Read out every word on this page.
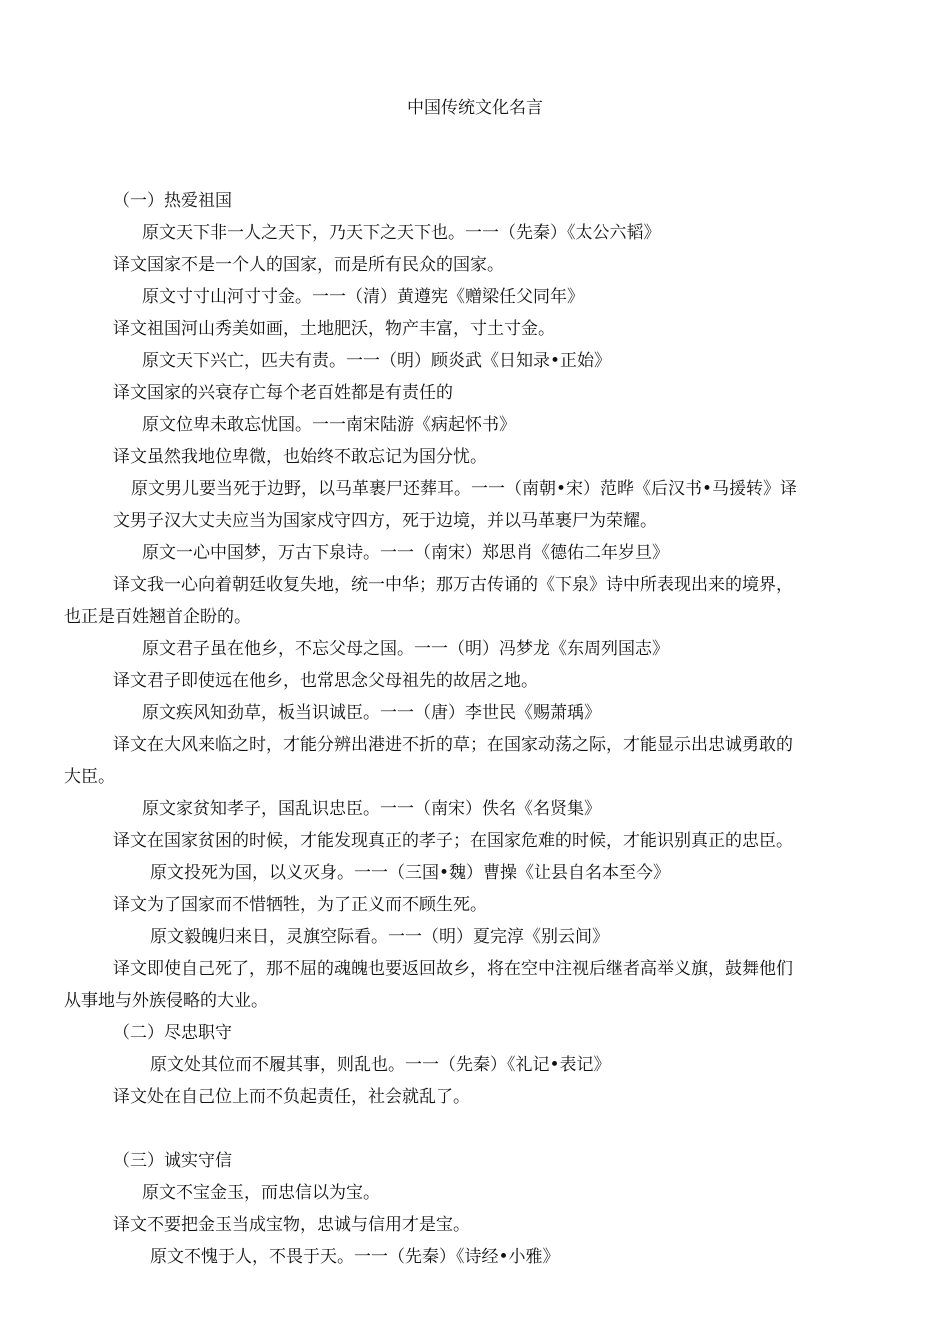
中国传统文化名言

（一）热爱祖国

原文天下非一人之天下，乃天下之天下也。一一（先秦）《太公六韬》

译文国家不是一个人的国家，而是所有民众的国家。

原文寸寸山河寸寸金。一一（清）黄遵宪《赠梁任父同年》

译文祖国河山秀美如画，土地肥沃，物产丰富，寸土寸金。

原文天下兴亡，匹夫有责。一一（明）顾炎武《日知录•正始》

译文国家的兴衰存亡每个老百姓都是有责任的

原文位卑未敢忘忧国。一一南宋陆游《病起怀书》

译文虽然我地位卑微，也始终不敢忘记为国分忧。

原文男儿要当死于边野，以马革裹尸还葬耳。一一（南朝•宋）范晔《后汉书•马援转》译

文男子汉大丈夫应当为国家戍守四方，死于边境，并以马革裹尸为荣耀。

原文一心中国梦，万古下泉诗。一一（南宋）郑思肖《德佑二年岁旦》

译文我一心向着朝廷收复失地，统一中华；那万古传诵的《下泉》诗中所表现出来的境界，

也正是百姓翘首企盼的。

原文君子虽在他乡，不忘父母之国。一一（明）冯梦龙《东周列国志》

译文君子即使远在他乡，也常思念父母祖先的故居之地。

原文疾风知劲草，板当识诚臣。一一（唐）李世民《赐萧瑀》

译文在大风来临之时，才能分辨出港进不折的草；在国家动荡之际，才能显示出忠诚勇敢的

大臣。

原文家贫知孝子，国乱识忠臣。一一（南宋）佚名《名贤集》

译文在国家贫困的时候，才能发现真正的孝子；在国家危难的时候，才能识别真正的忠臣。

原文投死为国，以义灭身。一一（三国•魏）曹操《让县自名本至今》

译文为了国家而不惜牺牲，为了正义而不顾生死。

原文毅魄归来日，灵旗空际看。一一（明）夏完淳《别云间》

译文即使自己死了，那不屈的魂魄也要返回故乡，将在空中注视后继者高举义旗，鼓舞他们

从事地与外族侵略的大业。

（二）尽忠职守

原文处其位而不履其事，则乱也。一一（先秦）《礼记•表记》

译文处在自己位上而不负起责任，社会就乱了。

（三）诚实守信

原文不宝金玉，而忠信以为宝。

译文不要把金玉当成宝物，忠诚与信用才是宝。

原文不愧于人，不畏于天。一一（先秦）《诗经•小雅》
